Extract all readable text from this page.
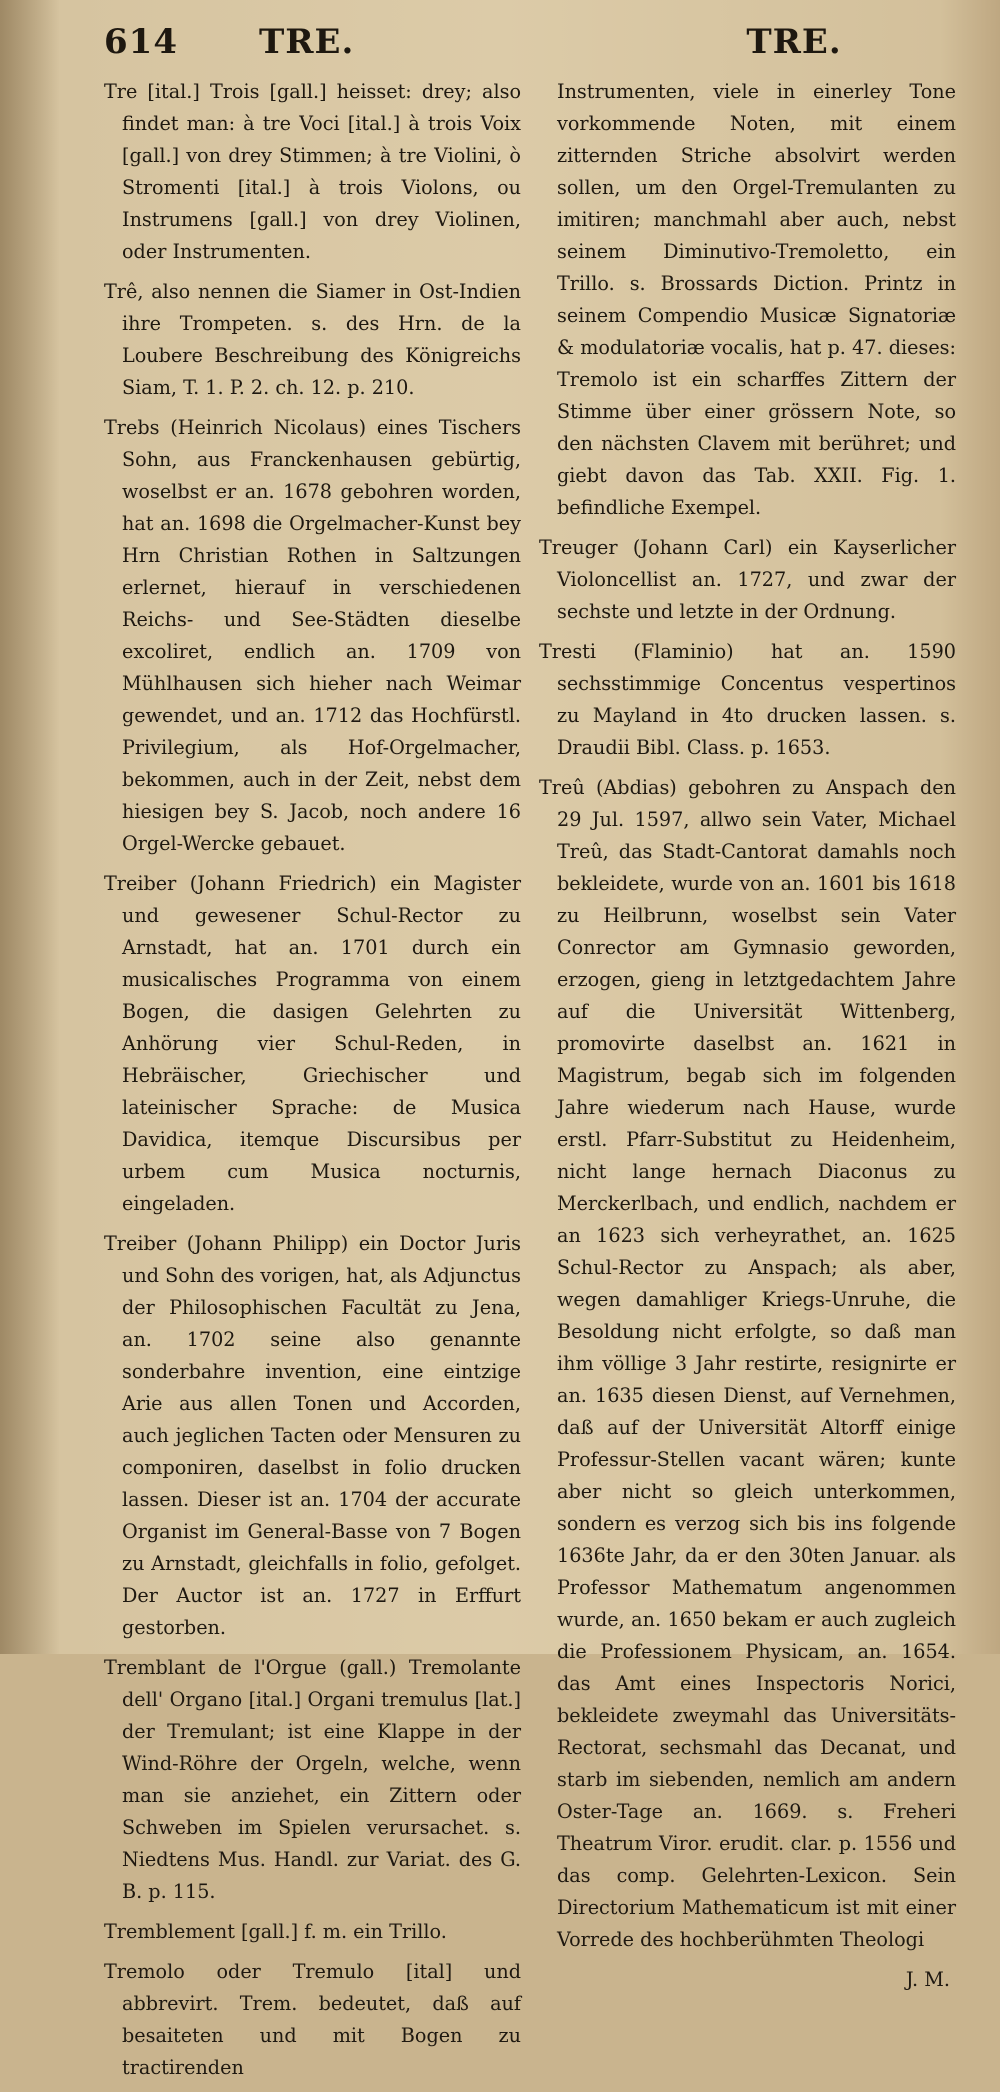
614	TRE.	TRE.

Tre [ital.] Trois [gall.] heisset: drey; also findet man: à tre Voci [ital.] à trois Voix [gall.] von drey Stimmen; à tre Violini, ò Stromenti [ital.] à trois Violons, ou Instrumens [gall.] von drey Violinen, oder Instrumenten.

Trê, also nennen die Siamer in Ost-Indien ihre Trompeten. s. des Hrn. de la Loubere Beschreibung des Königreichs Siam, T. 1. P. 2. ch. 12. p. 210.

Trebs (Heinrich Nicolaus) eines Tischers Sohn, aus Franckenhausen gebürtig, woselbst er an. 1678 gebohren worden, hat an. 1698 die Orgelmacher-Kunst bey Hrn Christian Rothen in Saltzungen erlernet, hierauf in verschiedenen Reichs- und See-Städten dieselbe excoliret, endlich an. 1709 von Mühlhausen sich hieher nach Weimar gewendet, und an. 1712 das Hochfürstl. Privilegium, als Hof-Orgelmacher, bekommen, auch in der Zeit, nebst dem hiesigen bey S. Jacob, noch andere 16 Orgel-Wercke gebauet.

Treiber (Johann Friedrich) ein Magister und gewesener Schul-Rector zu Arnstadt, hat an. 1701 durch ein musicalisches Programma von einem Bogen, die dasigen Gelehrten zu Anhörung vier Schul-Reden, in Hebräischer, Griechischer und lateinischer Sprache: de Musica Davidica, itemque Discursibus per urbem cum Musica nocturnis, eingeladen.

Treiber (Johann Philipp) ein Doctor Juris und Sohn des vorigen, hat, als Adjunctus der Philosophischen Facultät zu Jena, an. 1702 seine also genannte sonderbahre invention, eine eintzige Arie aus allen Tonen und Accorden, auch jeglichen Tacten oder Mensuren zu componiren, daselbst in folio drucken lassen. Dieser ist an. 1704 der accurate Organist im General-Basse von 7 Bogen zu Arnstadt, gleichfalls in folio, gefolget. Der Auctor ist an. 1727 in Erffurt gestorben.

Tremblant de l'Orgue (gall.) Tremolante dell' Organo [ital.] Organi tremulus [lat.] der Tremulant; ist eine Klappe in der Wind-Röhre der Orgeln, welche, wenn man sie anziehet, ein Zittern oder Schweben im Spielen verursachet. s. Niedtens Mus. Handl. zur Variat. des G. B. p. 115.

Tremblement [gall.] f. m. ein Trillo.

Tremolo oder Tremulo [ital] und abbrevirt. Trem. bedeutet, daß auf besaiteten und mit Bogen zu tractirenden

Instrumenten, viele in einerley Tone vorkommende Noten, mit einem zitternden Striche absolvirt werden sollen, um den Orgel-Tremulanten zu imitiren; manchmahl aber auch, nebst seinem Diminutivo-Tremoletto, ein Trillo. s. Brossards Diction. Printz in seinem Compendio Musicæ Signatoriæ & modulatoriæ vocalis, hat p. 47. dieses: Tremolo ist ein scharffes Zittern der Stimme über einer grössern Note, so den nächsten Clavem mit berühret; und giebt davon das Tab. XXII. Fig. 1. befindliche Exempel.

Treuger (Johann Carl) ein Kayserlicher Violoncellist an. 1727, und zwar der sechste und letzte in der Ordnung.

Tresti (Flaminio) hat an. 1590 sechsstimmige Concentus vespertinos zu Mayland in 4to drucken lassen. s. Draudii Bibl. Class. p. 1653.

Treû (Abdias) gebohren zu Anspach den 29 Jul. 1597, allwo sein Vater, Michael Treû, das Stadt-Cantorat damahls noch bekleidete, wurde von an. 1601 bis 1618 zu Heilbrunn, woselbst sein Vater Conrector am Gymnasio geworden, erzogen, gieng in letztgedachtem Jahre auf die Universität Wittenberg, promovirte daselbst an. 1621 in Magistrum, begab sich im folgenden Jahre wiederum nach Hause, wurde erstl. Pfarr-Substitut zu Heidenheim, nicht lange hernach Diaconus zu Merckerlbach, und endlich, nachdem er an 1623 sich verheyrathet, an. 1625 Schul-Rector zu Anspach; als aber, wegen damahliger Kriegs-Unruhe, die Besoldung nicht erfolgte, so daß man ihm völlige 3 Jahr restirte, resignirte er an. 1635 diesen Dienst, auf Vernehmen, daß auf der Universität Altorff einige Professur-Stellen vacant wären; kunte aber nicht so gleich unterkommen, sondern es verzog sich bis ins folgende 1636te Jahr, da er den 30ten Januar. als Professor Mathematum angenommen wurde, an. 1650 bekam er auch zugleich die Professionem Physicam, an. 1654. das Amt eines Inspectoris Norici, bekleidete zweymahl das Universitäts-Rectorat, sechsmahl das Decanat, und starb im siebenden, nemlich am andern Oster-Tage an. 1669. s. Freheri Theatrum Viror. erudit. clar. p. 1556 und das comp. Gelehrten-Lexicon. Sein Directorium Mathematicum ist mit einer Vorrede des hochberühmten Theologi

J. M.
